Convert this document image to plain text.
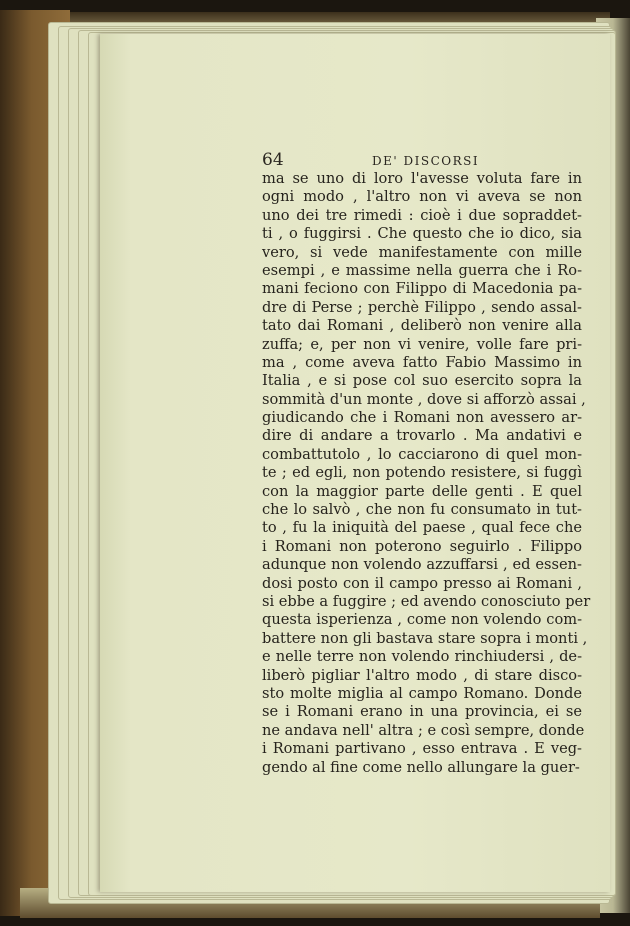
64	DE' DISCORSI
ma se uno di loro l'avesse voluta fare in
ogni modo , l'altro non vi aveva se non
uno dei tre rimedi : cioè i due sopraddet-
ti , o fuggirsi . Che questo che io dico, sia
vero, si vede manifestamente con mille
esempi , e massime nella guerra che i Ro-
mani feciono con Filippo di Macedonia pa-
dre di Perse ; perchè Filippo , sendo assal-
tato dai Romani , deliberò non venire alla
zuffa; e, per non vi venire, volle fare pri-
ma , come aveva fatto Fabio Massimo in
Italia , e si pose col suo esercito sopra la
sommità d'un monte , dove si afforzò assai ,
giudicando che i Romani non avessero ar-
dire di andare a trovarlo . Ma andativi e
combattutolo , lo cacciarono di quel mon-
te ; ed egli, non potendo resistere, si fuggì
con la maggior parte delle genti . E quel
che lo salvò , che non fu consumato in tut-
to , fu la iniquità del paese , qual fece che
i Romani non poterono seguirlo . Filippo
adunque non volendo azzuffarsi , ed essen-
dosi posto con il campo presso ai Romani ,
si ebbe a fuggire ; ed avendo conosciuto per
questa isperienza , come non volendo com-
battere non gli bastava stare sopra i monti ,
e nelle terre non volendo rinchiudersi , de-
liberò pigliar l'altro modo , di stare disco-
sto molte miglia al campo Romano. Donde
se i Romani erano in una provincia, ei se
ne andava nell' altra ; e così sempre, donde
i Romani partivano , esso entrava . E veg-
gendo al fine come nello allungare la guer-
